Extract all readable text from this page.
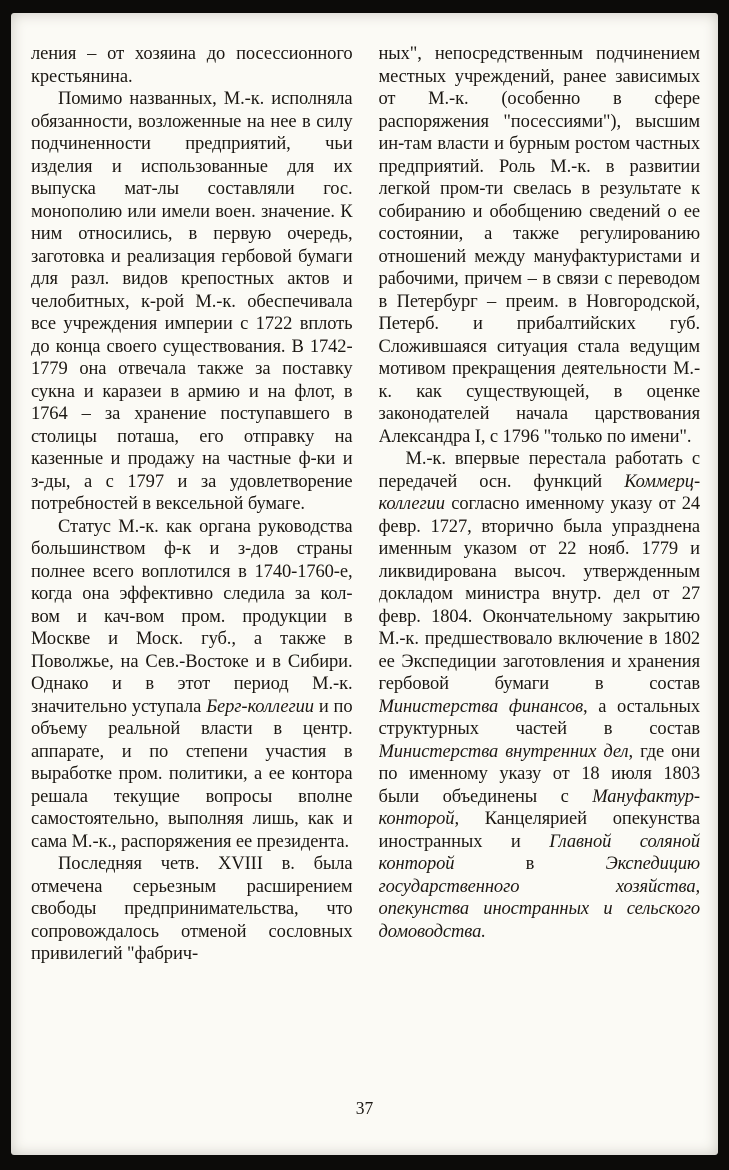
ления – от хозяина до посессионного крестьянина.

Помимо названных, М.-к. исполняла обязанности, возложенные на нее в силу подчиненности предприятий, чьи изделия и использованные для их выпуска мат-лы составляли гос. монополию или имели воен. значение. К ним относились, в первую очередь, заготовка и реализация гербовой бумаги для разл. видов крепостных актов и челобитных, к-рой М.-к. обеспечивала все учреждения империи с 1722 вплоть до конца своего существования. В 1742-1779 она отвечала также за поставку сукна и каразеи в армию и на флот, в 1764 – за хранение поступавшего в столицы поташа, его отправку на казенные и продажу на частные ф-ки и з-ды, а с 1797 и за удовлетворение потребностей в вексельной бумаге.

Статус М.-к. как органа руководства большинством ф-к и з-дов страны полнее всего воплотился в 1740-1760-е, когда она эффективно следила за кол-вом и кач-вом пром. продукции в Москве и Моск. губ., а также в Поволжье, на Сев.-Востоке и в Сибири. Однако и в этот период М.-к. значительно уступала Берг-коллегии и по объему реальной власти в центр. аппарате, и по степени участия в выработке пром. политики, а ее контора решала текущие вопросы вполне самостоятельно, выполняя лишь, как и сама М.-к., распоряжения ее президента.

Последняя четв. XVIII в. была отмечена серьезным расширением свободы предпринимательства, что сопровождалось отменой сословных привилегий "фабрич-

ных", непосредственным подчинением местных учреждений, ранее зависимых от М.-к. (особенно в сфере распоряжения "посессиями"), высшим ин-там власти и бурным ростом частных предприятий. Роль М.-к. в развитии легкой пром-ти свелась в результате к собиранию и обобщению сведений о ее состоянии, а также регулированию отношений между мануфактуристами и рабочими, причем – в связи с переводом в Петербург – преим. в Новгородской, Петерб. и прибалтийских губ. Сложившаяся ситуация стала ведущим мотивом прекращения деятельности М.-к. как существующей, в оценке законодателей начала царствования Александра I, с 1796 "только по имени".

М.-к. впервые перестала работать с передачей осн. функций Коммерц-коллегии согласно именному указу от 24 февр. 1727, вторично была упразднена именным указом от 22 нояб. 1779 и ликвидирована высоч. утвержденным докладом министра внутр. дел от 27 февр. 1804. Окончательному закрытию М.-к. предшествовало включение в 1802 ее Экспедиции заготовления и хранения гербовой бумаги в состав Министерства финансов, а остальных структурных частей в состав Министерства внутренних дел, где они по именному указу от 18 июля 1803 были объединены с Мануфактур-конторой, Канцелярией опекунства иностранных и Главной соляной конторой в Экспедицию государственного хозяйства, опекунства иностранных и сельского домоводства.

37
